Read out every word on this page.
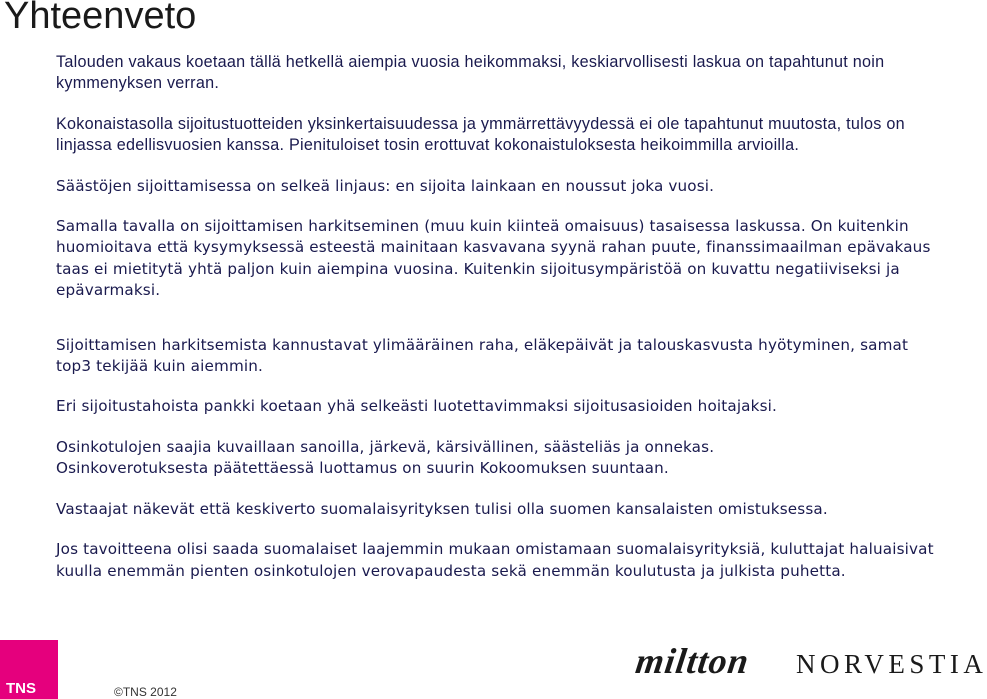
Yhteenveto

Talouden vakaus koetaan tällä hetkellä aiempia vuosia heikommaksi, keskiarvollisesti laskua on tapahtunut noin kymmenyksen verran.

Kokonaistasolla sijoitustuotteiden yksinkertaisuudessa ja ymmärrettävyydessä ei ole tapahtunut muutosta, tulos on linjassa edellisvuosien kanssa. Pienituloiset tosin erottuvat kokonaistuloksesta heikoimmilla arvioilla.

Säästöjen sijoittamisessa on selkeä linjaus: en sijoita lainkaan en noussut joka vuosi.

Samalla tavalla on sijoittamisen harkitseminen (muu kuin kiinteä omaisuus) tasaisessa laskussa. On kuitenkin huomioitava että kysymyksessä esteestä mainitaan kasvavana syynä rahan puute, finanssimaailman epävakaus taas ei mietitytä yhtä paljon kuin aiempina vuosina. Kuitenkin sijoitusympäristöä on kuvattu negatiiviseksi ja epävarmaksi.

Sijoittamisen harkitsemista kannustavat ylimääräinen raha, eläkepäivät ja talouskasvusta hyötyminen, samat top3 tekijää kuin aiemmin.

Eri sijoitustahoista pankki koetaan yhä selkeästi luotettavimmaksi sijoitusasioiden hoitajaksi.

Osinkotulojen saajia kuvaillaan sanoilla, järkevä, kärsivällinen, säästeliäs ja onnekas.

Osinkoverotuksesta päätettäessä luottamus on suurin Kokoomuksen suuntaan.

Vastaajat näkevät että keskiverto suomalaisyrityksen tulisi olla suomen kansalaisten omistuksessa.

Jos tavoitteena olisi saada suomalaiset laajemmin mukaan omistamaan suomalaisyrityksiä, kuluttajat haluaisivat kuulla enemmän pienten osinkotulojen verovapaudesta sekä enemmän koulutusta ja julkista puhetta.

TNS	©TNS 2012
miltton NORVESTIA
